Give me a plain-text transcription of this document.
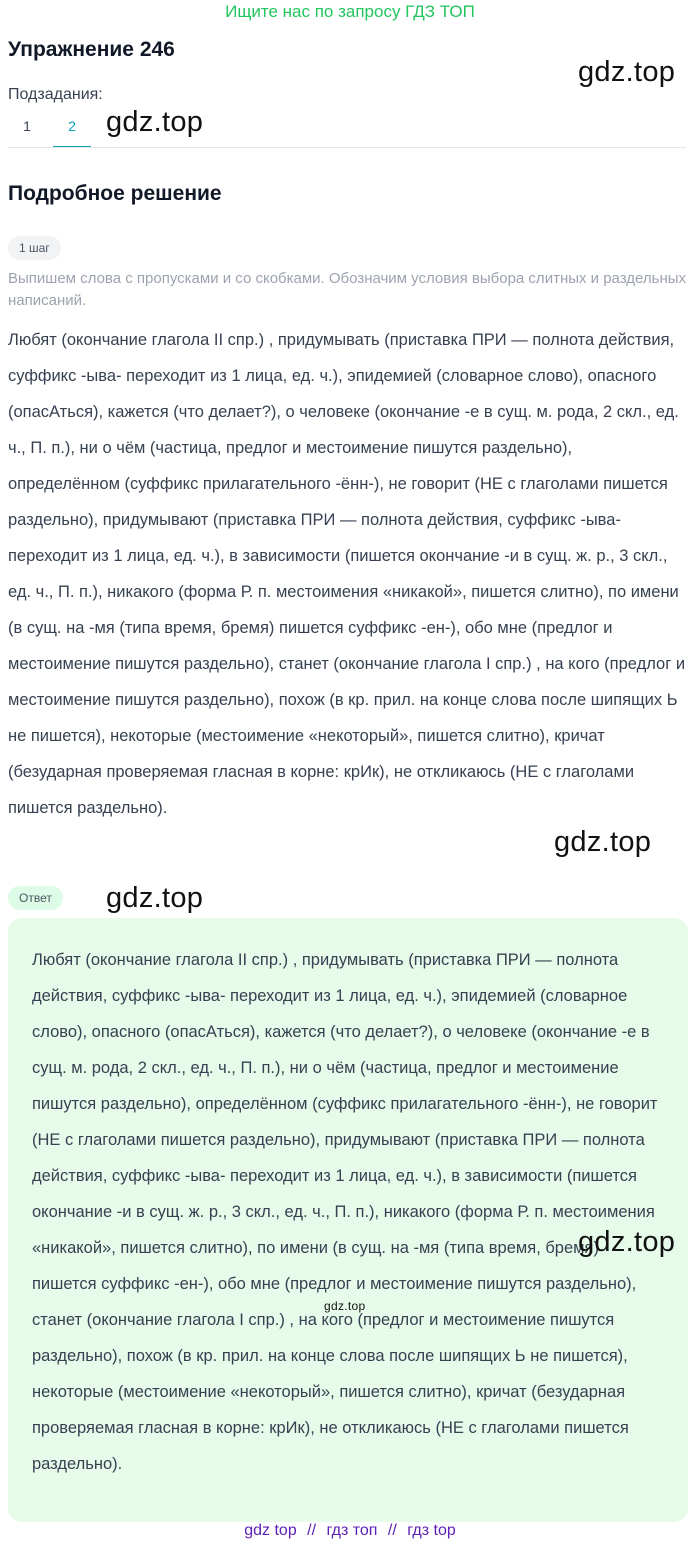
Ищите нас по запросу ГДЗ ТОП
Упражнение 246
gdz.top
Подзадания:
1	2	gdz.top
Подробное решение
1 шаг
Выпишем слова с пропусками и со скобками. Обозначим условия выбора слитных и раздельных написаний.
Любят (окончание глагола II спр.) , придумывать (приставка ПРИ — полнота действия, суффикс -ыва- переходит из 1 лица, ед. ч.), эпидемией (словарное слово), опасного (опасАться), кажется (что делает?), о человеке (окончание -е в сущ. м. рода, 2 скл., ед. ч., П. п.), ни о чём (частица, предлог и местоимение пишутся раздельно), определённом (суффикс прилагательного -ённ-), не говорит (НЕ с глаголами пишется раздельно), придумывают (приставка ПРИ — полнота действия, суффикс -ыва- переходит из 1 лица, ед. ч.), в зависимости (пишется окончание -и в сущ. ж. р., 3 скл., ед. ч., П. п.), никакого (форма Р. п. местоимения «никакой», пишется слитно), по имени (в сущ. на -мя (типа время, бремя) пишется суффикс -ен-), обо мне (предлог и местоимение пишутся раздельно), станет (окончание глагола I спр.) , на кого (предлог и местоимение пишутся раздельно), похож (в кр. прил. на конце слова после шипящих Ь не пишется), некоторые (местоимение «некоторый», пишется слитно), кричат (безударная проверяемая гласная в корне: крИк), не откликаюсь (НЕ с глаголами пишется раздельно).
gdz.top
Ответ	gdz.top
Любят (окончание глагола II спр.) , придумывать (приставка ПРИ — полнота действия, суффикс -ыва- переходит из 1 лица, ед. ч.), эпидемией (словарное слово), опасного (опасАться), кажется (что делает?), о человеке (окончание -е в сущ. м. рода, 2 скл., ед. ч., П. п.), ни о чём (частица, предлог и местоимение пишутся раздельно), определённом (суффикс прилагательного -ённ-), не говорит (НЕ с глаголами пишется раздельно), придумывают (приставка ПРИ — полнота действия, суффикс -ыва- переходит из 1 лица, ед. ч.), в зависимости (пишется окончание -и в сущ. ж. р., 3 скл., ед. ч., П. п.), никакого (форма Р. п. местоимения «никакой», пишется слитно), по имени (в сущ. на -мя (типа время, бремя) пишется суффикс -ен-), обо мне (предлог и местоимение пишутся раздельно), станет (окончание глагола I спр.) , на кого (предлог и местоимение пишутся раздельно), похож (в кр. прил. на конце слова после шипящих Ь не пишется), некоторые (местоимение «некоторый», пишется слитно), кричат (безударная проверяемая гласная в корне: крИк), не откликаюсь (НЕ с глаголами пишется раздельно).
gdz.top
gdz.top
gdz top // гдз топ // гдз top
